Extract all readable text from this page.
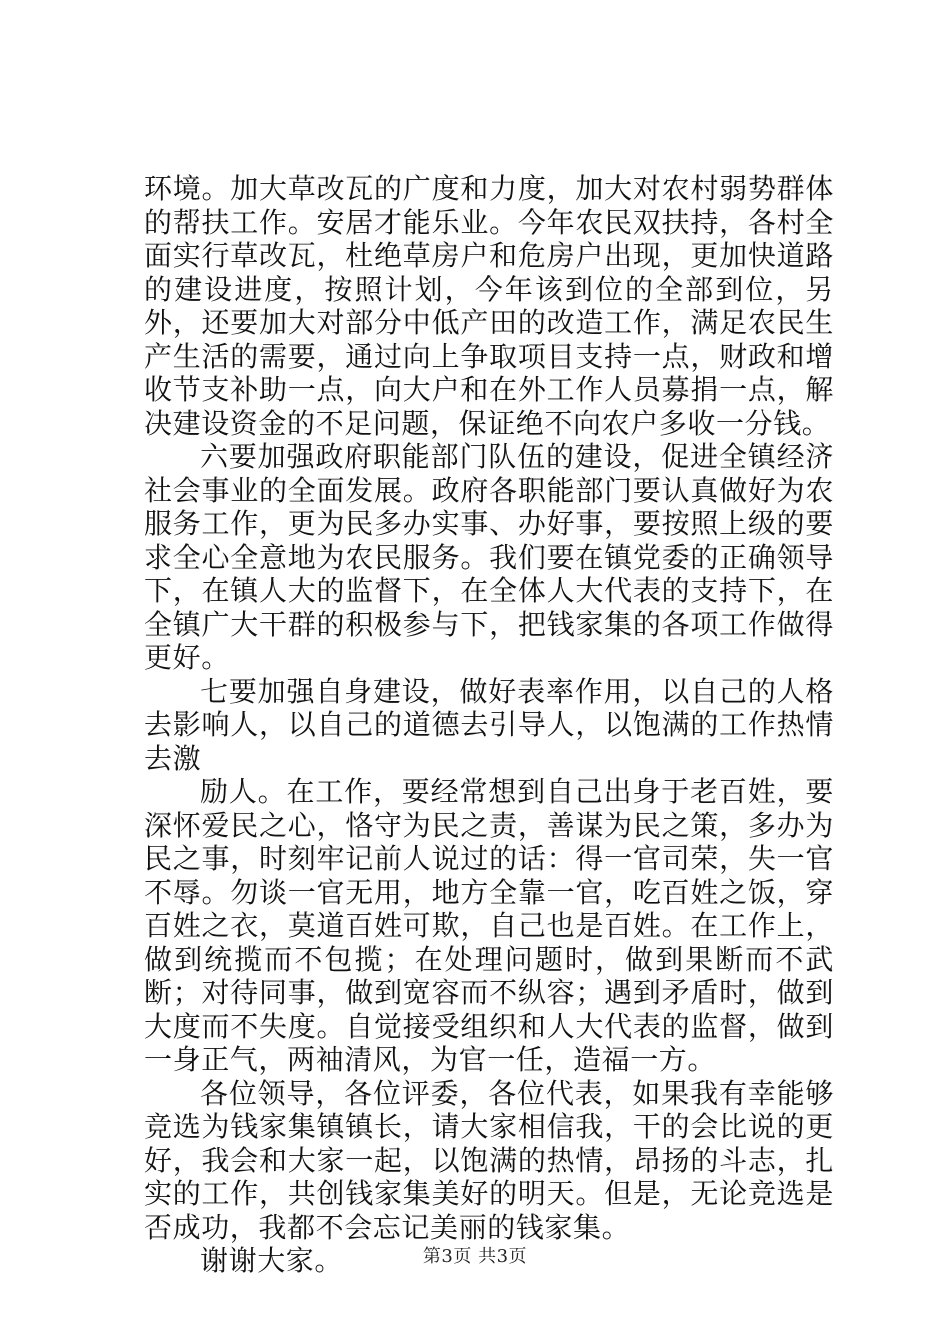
环境。加大草改瓦的广度和力度，加大对农村弱势群体的帮扶工作。安居才能乐业。今年农民双扶持，各村全面实行草改瓦，杜绝草房户和危房户出现，更加快道路的建设进度，按照计划，今年该到位的全部到位，另外，还要加大对部分中低产田的改造工作，满足农民生产生活的需要，通过向上争取项目支持一点，财政和增收节支补助一点，向大户和在外工作人员募捐一点，解决建设资金的不足问题，保证绝不向农户多收一分钱。

六要加强政府职能部门队伍的建设，促进全镇经济社会事业的全面发展。政府各职能部门要认真做好为农服务工作，更为民多办实事、办好事，要按照上级的要求全心全意地为农民服务。我们要在镇党委的正确领导下，在镇人大的监督下，在全体人大代表的支持下，在全镇广大干群的积极参与下，把钱家集的各项工作做得更好。

七要加强自身建设，做好表率作用，以自己的人格去影响人，以自己的道德去引导人，以饱满的工作热情去激

励人。在工作，要经常想到自己出身于老百姓，要深怀爱民之心，恪守为民之责，善谋为民之策，多办为民之事，时刻牢记前人说过的话：得一官司荣，失一官不辱。勿谈一官无用，地方全靠一官，吃百姓之饭，穿百姓之衣，莫道百姓可欺，自己也是百姓。在工作上，做到统揽而不包揽；在处理问题时，做到果断而不武断；对待同事，做到宽容而不纵容；遇到矛盾时，做到大度而不失度。自觉接受组织和人大代表的监督，做到一身正气，两袖清风，为官一任，造福一方。

各位领导，各位评委，各位代表，如果我有幸能够竞选为钱家集镇镇长，请大家相信我，干的会比说的更好，我会和大家一起，以饱满的热情，昂扬的斗志，扎实的工作，共创钱家集美好的明天。但是，无论竞选是否成功，我都不会忘记美丽的钱家集。

谢谢大家。	第3页 共3页
